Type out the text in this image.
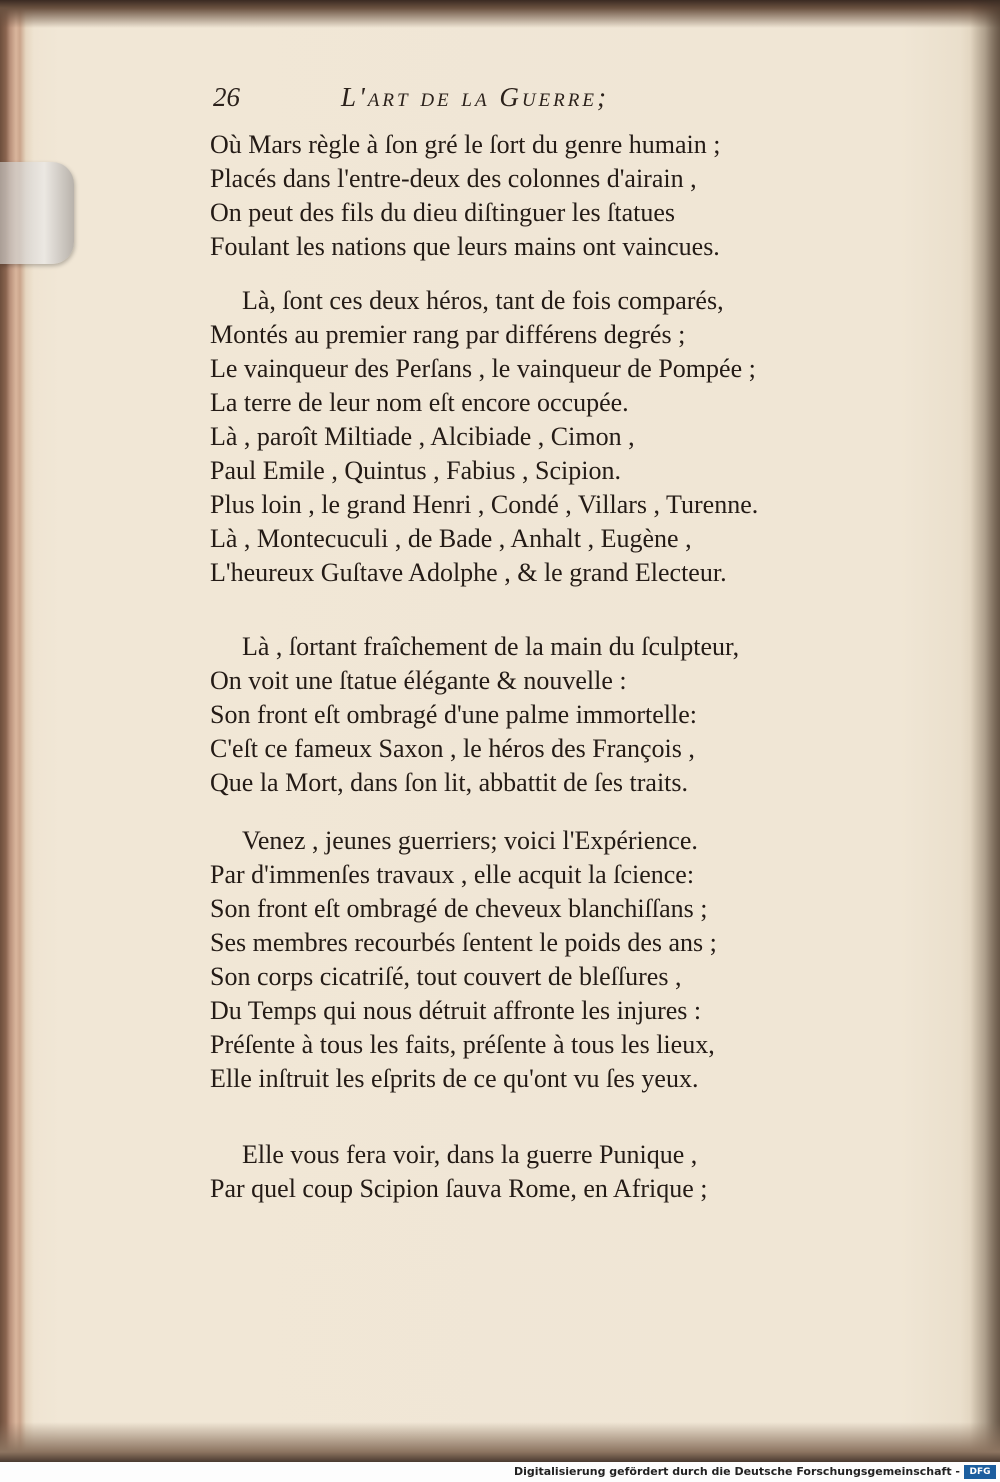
26	L'art de la Guerre;
Où Mars règle à ſon gré le ſort du genre humain ;
Placés dans l'entre-deux des colonnes d'airain ,
On peut des fils du dieu diſtinguer les ſtatues
Foulant les nations que leurs mains ont vaincues.
Là, ſont ces deux héros, tant de fois comparés,
Montés au premier rang par différens degrés ;
Le vainqueur des Perſans , le vainqueur de Pompée ;
La terre de leur nom eſt encore occupée.
Là , paroît Miltiade , Alcibiade , Cimon ,
Paul Emile , Quintus , Fabius , Scipion.
Plus loin , le grand Henri , Condé , Villars , Turenne.
Là , Montecuculi , de Bade , Anhalt , Eugène ,
L'heureux Guſtave Adolphe , & le grand Electeur.
Là , ſortant fraîchement de la main du ſculpteur,
On voit une ſtatue élégante & nouvelle :
Son front eſt ombragé d'une palme immortelle:
C'eſt ce fameux Saxon , le héros des François ,
Que la Mort, dans ſon lit, abbattit de ſes traits.
Venez , jeunes guerriers; voici l'Expérience.
Par d'immenſes travaux , elle acquit la ſcience:
Son front eſt ombragé de cheveux blanchiſſans ;
Ses membres recourbés ſentent le poids des ans ;
Son corps cicatriſé, tout couvert de bleſſures ,
Du Temps qui nous détruit affronte les injures :
Préſente à tous les faits, préſente à tous les lieux,
Elle inſtruit les eſprits de ce qu'ont vu ſes yeux.
Elle vous fera voir, dans la guerre Punique ,
Par quel coup Scipion ſauva Rome, en Afrique ;
Digitalisierung gefördert durch die Deutsche Forschungsgemeinschaft -	DFG
